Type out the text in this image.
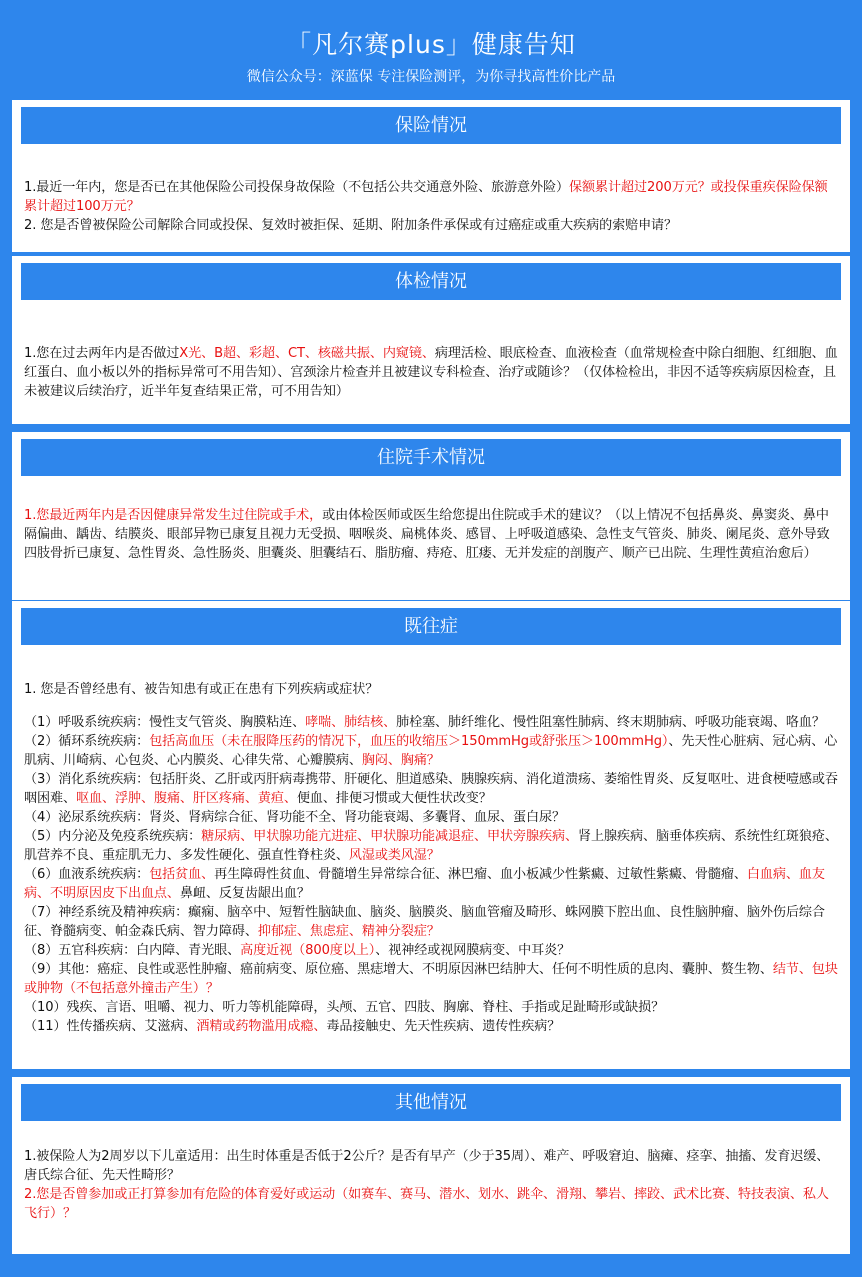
「凡尔赛plus」健康告知
微信公众号：深蓝保 专注保险测评，为你寻找高性价比产品
保险情况
1.最近一年内，您是否已在其他保险公司投保身故保险（不包括公共交通意外险、旅游意外险）保额累计超过200万元？或投保重疾保险保额累计超过100万元？
2. 您是否曾被保险公司解除合同或投保、复效时被拒保、延期、附加条件承保或有过癌症或重大疾病的索赔申请？
体检情况
1.您在过去两年内是否做过X光、B超、彩超、CT、核磁共振、内窥镜、病理活检、眼底检查、血液检查（血常规检查中除白细胞、红细胞、血红蛋白、血小板以外的指标异常可不用告知）、宫颈涂片检查并且被建议专科检查、治疗或随诊？（仅体检检出，非因不适等疾病原因检查，且未被建议后续治疗，近半年复查结果正常，可不用告知）
住院手术情况
1.您最近两年内是否因健康异常发生过住院或手术，或由体检医师或医生给您提出住院或手术的建议？（以上情况不包括鼻炎、鼻窦炎、鼻中隔偏曲、龋齿、结膜炎、眼部异物已康复且视力无受损、咽喉炎、扁桃体炎、感冒、上呼吸道感染、急性支气管炎、肺炎、阑尾炎、意外导致四肢骨折已康复、急性胃炎、急性肠炎、胆囊炎、胆囊结石、脂肪瘤、痔疮、肛瘘、无并发症的剖腹产、顺产已出院、生理性黄疸治愈后）
既往症
1. 您是否曾经患有、被告知患有或正在患有下列疾病或症状？
（1）呼吸系统疾病：慢性支气管炎、胸膜粘连、哮喘、肺结核、肺栓塞、肺纤维化、慢性阻塞性肺病、终末期肺病、呼吸功能衰竭、咯血？
（2）循环系统疾病：包括高血压（未在服降压药的情况下，血压的收缩压＞150mmHg或舒张压＞100mmHg）、先天性心脏病、冠心病、心肌病、川崎病、心包炎、心内膜炎、心律失常、心瓣膜病、胸闷、胸痛？
（3）消化系统疾病：包括肝炎、乙肝或丙肝病毒携带、肝硬化、胆道感染、胰腺疾病、消化道溃疡、萎缩性胃炎、反复呕吐、进食梗噎感或吞咽困难、呕血、浮肿、腹痛、肝区疼痛、黄疸、便血、排便习惯或大便性状改变？
（4）泌尿系统疾病：肾炎、肾病综合征、肾功能不全、肾功能衰竭、多囊肾、血尿、蛋白尿？
（5）内分泌及免疫系统疾病：糖尿病、甲状腺功能亢进症、甲状腺功能减退症、甲状旁腺疾病、肾上腺疾病、脑垂体疾病、系统性红斑狼疮、肌营养不良、重症肌无力、多发性硬化、强直性脊柱炎、风湿或类风湿？
（6）血液系统疾病：包括贫血、再生障碍性贫血、骨髓增生异常综合征、淋巴瘤、血小板减少性紫癜、过敏性紫癜、骨髓瘤、白血病、血友病、不明原因皮下出血点、鼻衄、反复齿龈出血？
（7）神经系统及精神疾病：癫痫、脑卒中、短暂性脑缺血、脑炎、脑膜炎、脑血管瘤及畸形、蛛网膜下腔出血、良性脑肿瘤、脑外伤后综合征、脊髓病变、帕金森氏病、智力障碍、抑郁症、焦虑症、精神分裂症？
（8）五官科疾病：白内障、青光眼、高度近视（800度以上）、视神经或视网膜病变、中耳炎？
（9）其他：癌症、良性或恶性肿瘤、癌前病变、原位癌、黑痣增大、不明原因淋巴结肿大、任何不明性质的息肉、囊肿、赘生物、结节、包块或肿物（不包括意外撞击产生）？
（10）残疾、言语、咀嚼、视力、听力等机能障碍，头颅、五官、四肢、胸廓、脊柱、手指或足趾畸形或缺损？
（11）性传播疾病、艾滋病、酒精或药物滥用成瘾、毒品接触史、先天性疾病、遗传性疾病？
其他情况
1.被保险人为2周岁以下儿童适用：出生时体重是否低于2公斤？是否有早产（少于35周）、难产、呼吸窘迫、脑瘫、痉挛、抽搐、发育迟缓、唐氏综合征、先天性畸形？
2.您是否曾参加或正打算参加有危险的体育爱好或运动（如赛车、赛马、潜水、划水、跳伞、滑翔、攀岩、摔跤、武术比赛、特技表演、私人飞行）？
